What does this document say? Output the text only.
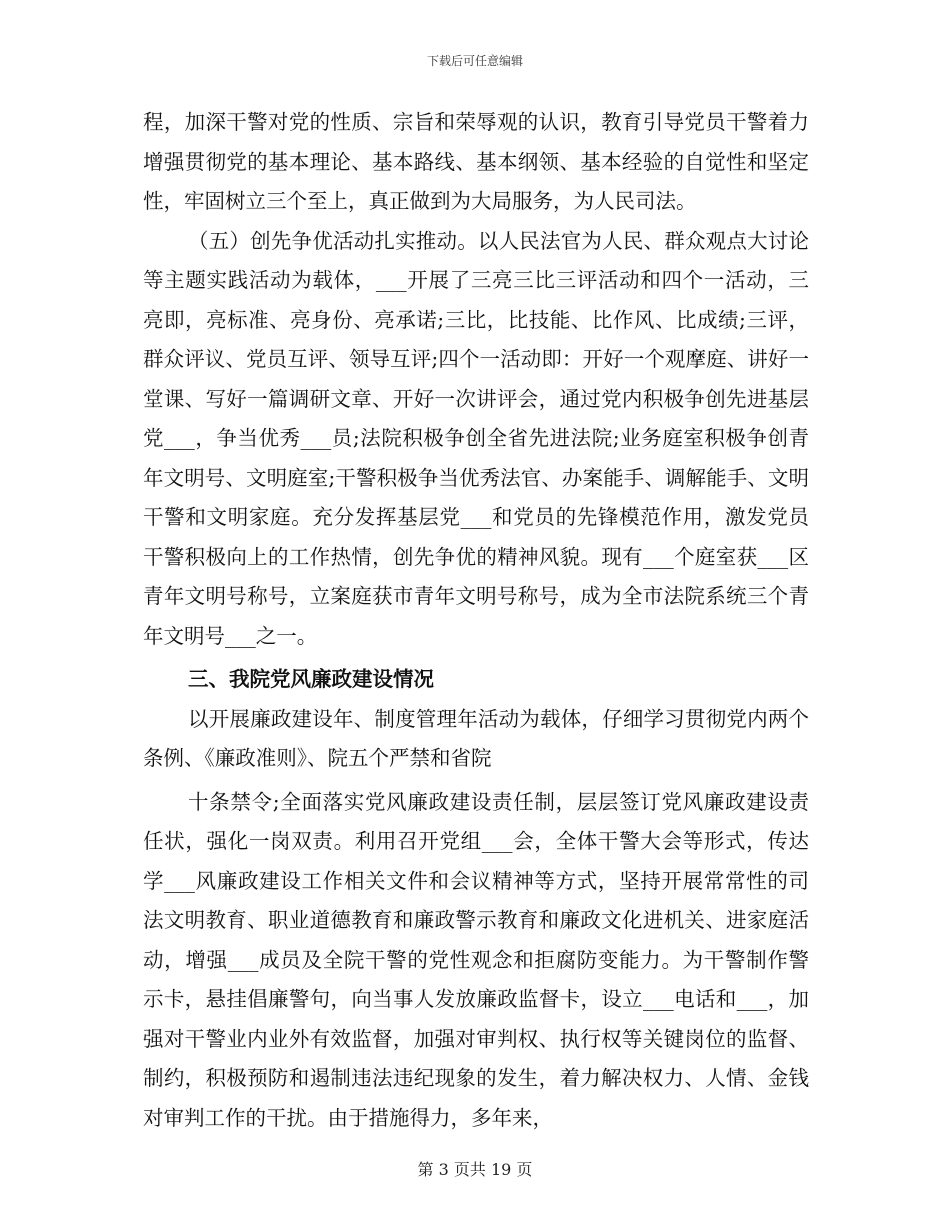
下载后可任意编辑

程，加深干警对党的性质、宗旨和荣辱观的认识，教育引导党员干警着力增强贯彻党的基本理论、基本路线、基本纲领、基本经验的自觉性和坚定性，牢固树立三个至上，真正做到为大局服务，为人民司法。

（五）创先争优活动扎实推动。以人民法官为人民、群众观点大讨论等主题实践活动为载体，___开展了三亮三比三评活动和四个一活动，三亮即，亮标准、亮身份、亮承诺;三比，比技能、比作风、比成绩;三评，群众评议、党员互评、领导互评;四个一活动即：开好一个观摩庭、讲好一堂课、写好一篇调研文章、开好一次讲评会，通过党内积极争创先进基层党___，争当优秀___员;法院积极争创全省先进法院;业务庭室积极争创青年文明号、文明庭室;干警积极争当优秀法官、办案能手、调解能手、文明干警和文明家庭。充分发挥基层党___和党员的先锋模范作用，激发党员干警积极向上的工作热情，创先争优的精神风貌。现有___个庭室获___区青年文明号称号，立案庭获市青年文明号称号，成为全市法院系统三个青年文明号___之一。

三、我院党风廉政建设情况

以开展廉政建设年、制度管理年活动为载体，仔细学习贯彻党内两个条例、《廉政准则》、院五个严禁和省院

十条禁令;全面落实党风廉政建设责任制，层层签订党风廉政建设责任状，强化一岗双责。利用召开党组___会，全体干警大会等形式，传达学___风廉政建设工作相关文件和会议精神等方式，坚持开展常常性的司法文明教育、职业道德教育和廉政警示教育和廉政文化进机关、进家庭活动，增强___成员及全院干警的党性观念和拒腐防变能力。为干警制作警示卡，悬挂倡廉警句，向当事人发放廉政监督卡，设立___电话和___，加强对干警业内业外有效监督，加强对审判权、执行权等关键岗位的监督、制约，积极预防和遏制违法违纪现象的发生，着力解决权力、人情、金钱对审判工作的干扰。由于措施得力，多年来，

第 3 页共 19 页
